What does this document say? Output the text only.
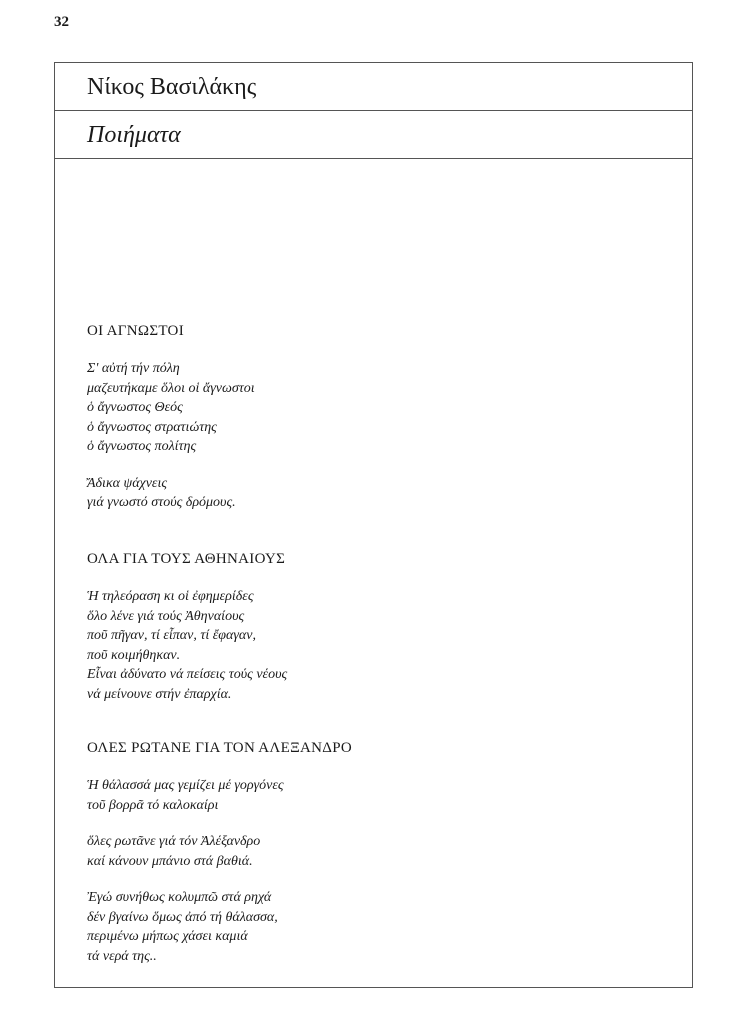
32
Νίκος Βασιλάκης
Ποιήματα
ΟΙ ΑΓΝΩΣΤΟΙ
Σ' αὐτή τήν πόλη
μαζευτήκαμε ὅλοι οἱ ἄγνωστοι
ὁ ἄγνωστος Θεός
ὁ ἄγνωστος στρατιώτης
ὁ ἄγνωστος πολίτης
Ἄδικα ψάχνεις
γιά γνωστό στούς δρόμους.
ΟΛΑ ΓΙΑ ΤΟΥΣ ΑΘΗΝΑΙΟΥΣ
Ἡ τηλεόραση κι οἱ ἐφημερίδες
ὅλο λένε γιά τούς Ἀθηναίους
ποῦ πῆγαν, τί εἶπαν, τί ἔφαγαν,
ποῦ κοιμήθηκαν.
Εἶναι ἀδύνατο νά πείσεις τούς νέους
νά μείνουνε στήν ἐπαρχία.
ΟΛΕΣ ΡΩΤΑΝΕ ΓΙΑ ΤΟΝ ΑΛΕΞΑΝΔΡΟ
Ἡ θάλασσά μας γεμίζει μέ γοργόνες
τοῦ βορρᾶ τό καλοκαίρι
ὅλες ρωτᾶνε γιά τόν Ἀλέξανδρο
καί κάνουν μπάνιο στά βαθιά.
Ἐγώ συνήθως κολυμπῶ στά ρηχά
δέν βγαίνω ὅμως ἀπό τή θάλασσα,
περιμένω μήπως χάσει καμιά
τά νερά της..
